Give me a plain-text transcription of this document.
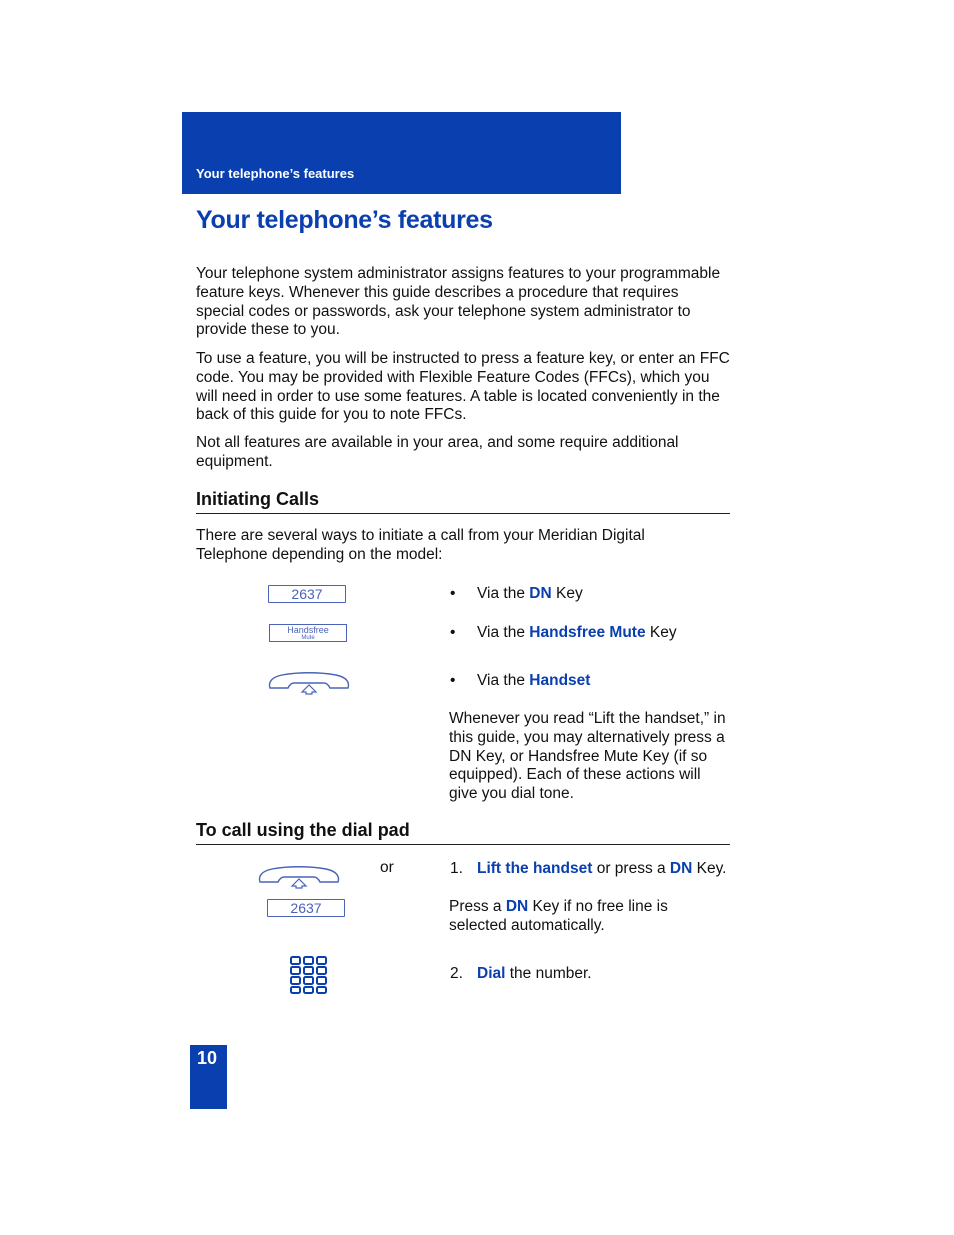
Your telephone’s features
Your telephone’s features

Your telephone system administrator assigns features to your programmable feature keys. Whenever this guide describes a procedure that requires special codes or passwords, ask your telephone system administrator to provide these to you.

To use a feature, you will be instructed to press a feature key, or enter an FFC code. You may be provided with Flexible Feature Codes (FFCs), which you will need in order to use some features. A table is located conveniently in the back of this guide for you to note FFCs.

Not all features are available in your area, and some require additional equipment.

Initiating Calls

There are several ways to initiate a call from your Meridian Digital Telephone depending on the model:

2637	• Via the DN Key
Handsfree
Mute	• Via the Handsfree Mute Key
• Via the Handset

Whenever you read “Lift the handset,” in this guide, you may alternatively press a DN Key, or Handsfree Mute Key (if so equipped). Each of these actions will give you dial tone.

To call using the dial pad
or	1. Lift the handset or press a DN Key.
2637	Press a DN Key if no free line is selected automatically.

2. Dial the number.
10
